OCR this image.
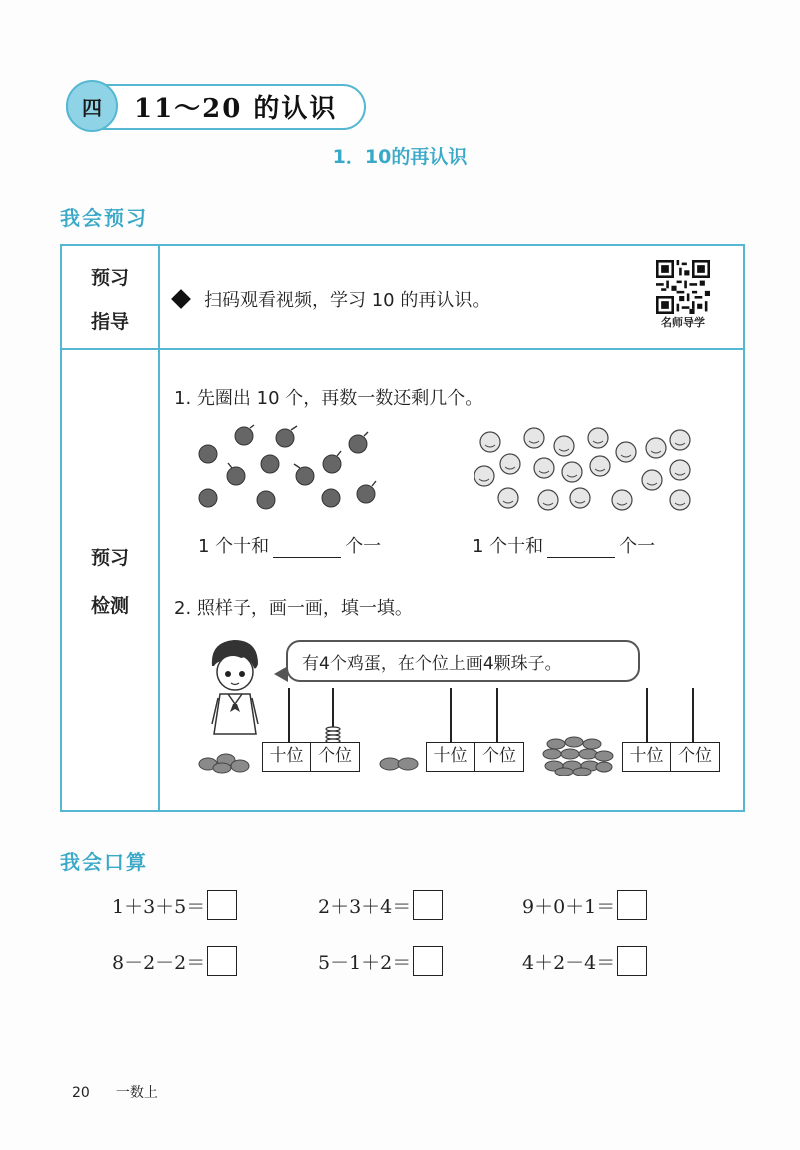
四	11～20 的认识
1．10的再认识
我会预习
预习
指导
扫码观看视频，学习 10 的再认识。
名师导学
预习
检测
1. 先圈出 10 个，再数一数还剩几个。
1 个十和	个一	1 个十和	个一
2. 照样子，画一画，填一填。
有4个鸡蛋，在个位上画4颗珠子。
十位 个位	十位 个位	十位 个位
我会口算
1＋3＋5＝	2＋3＋4＝	9＋0＋1＝
8－2－2＝	5－1＋2＝	4＋2－4＝
20 一数上
